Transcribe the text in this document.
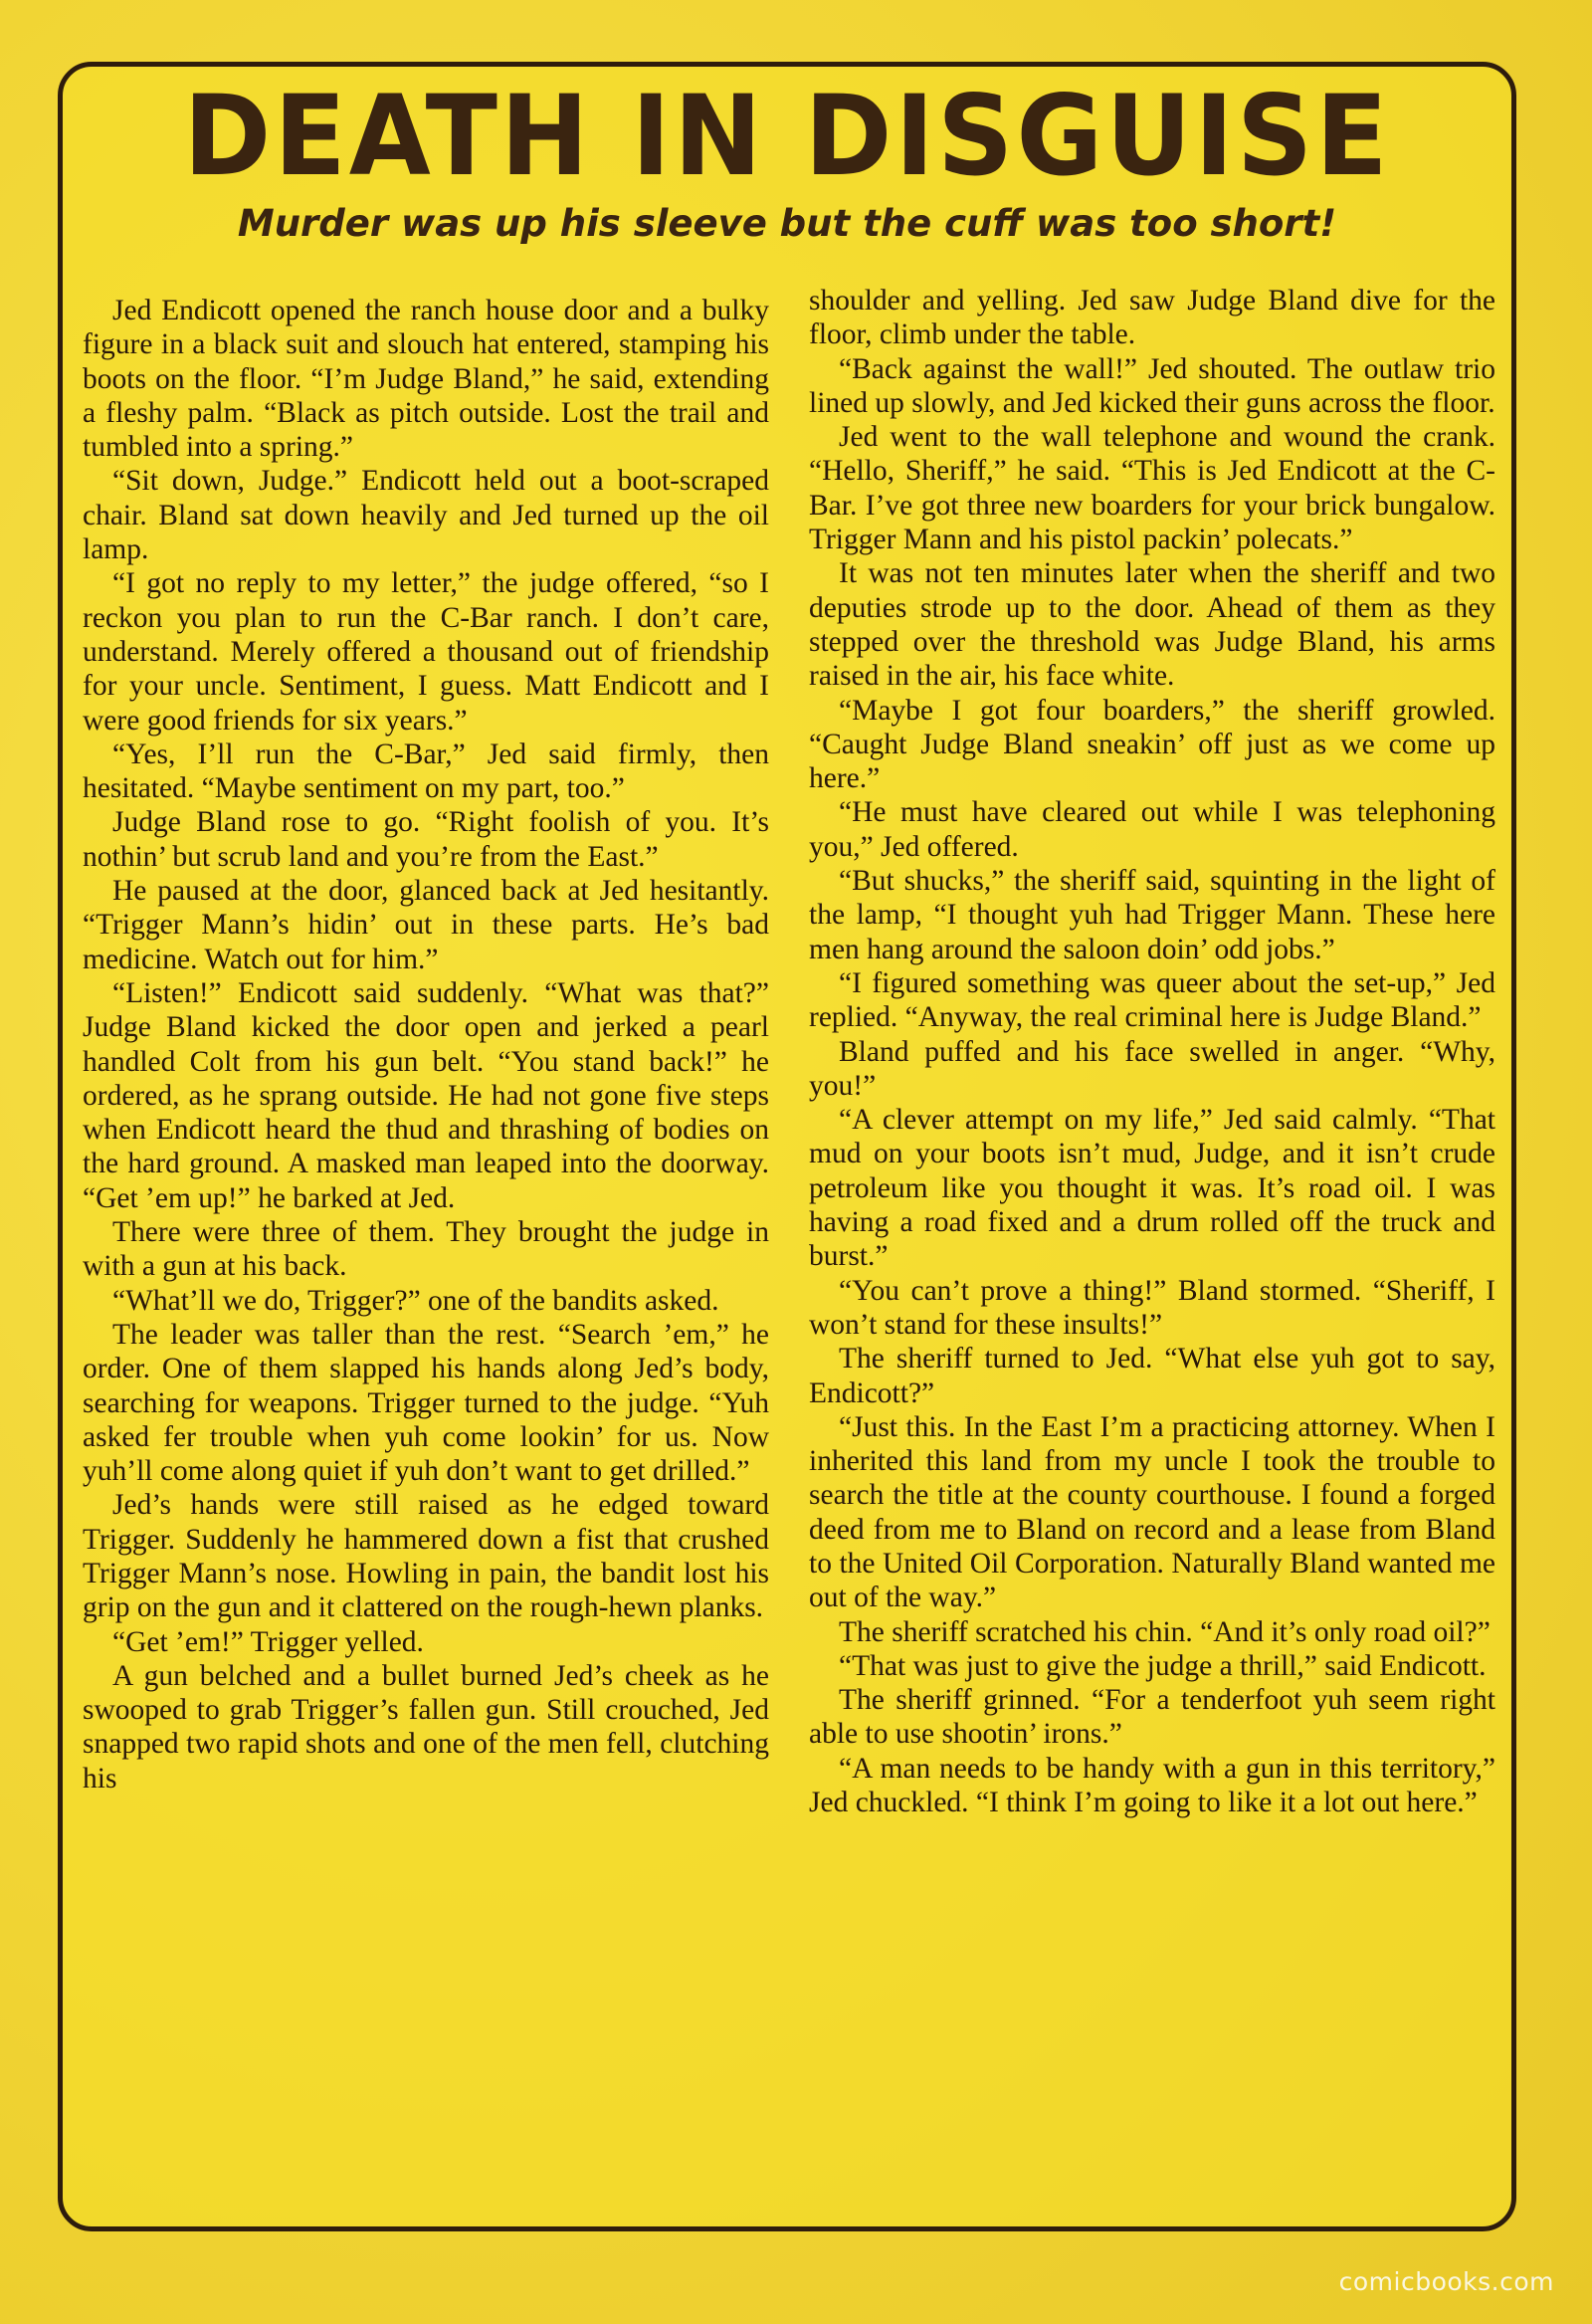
DEATH IN DISGUISE
Murder was up his sleeve but the cuff was too short!

Jed Endicott opened the ranch house door and a bulky figure in a black suit and slouch hat entered, stamping his boots on the floor. “I’m Judge Bland,” he said, extending a fleshy palm. “Black as pitch outside. Lost the trail and tumbled into a spring.”

“Sit down, Judge.” Endicott held out a boot-scraped chair. Bland sat down heavily and Jed turned up the oil lamp.

“I got no reply to my letter,” the judge offered, “so I reckon you plan to run the C-Bar ranch. I don’t care, understand. Merely offered a thousand out of friendship for your uncle. Sentiment, I guess. Matt Endicott and I were good friends for six years.”

“Yes, I’ll run the C-Bar,” Jed said firmly, then hesitated. “Maybe sentiment on my part, too.”

Judge Bland rose to go. “Right foolish of you. It’s nothin’ but scrub land and you’re from the East.”

He paused at the door, glanced back at Jed hesitantly. “Trigger Mann’s hidin’ out in these parts. He’s bad medicine. Watch out for him.”

“Listen!” Endicott said suddenly. “What was that?” Judge Bland kicked the door open and jerked a pearl handled Colt from his gun belt. “You stand back!” he ordered, as he sprang outside. He had not gone five steps when Endicott heard the thud and thrashing of bodies on the hard ground. A masked man leaped into the doorway. “Get ’em up!” he barked at Jed.

There were three of them. They brought the judge in with a gun at his back.

“What’ll we do, Trigger?” one of the bandits asked.

The leader was taller than the rest. “Search ’em,” he order. One of them slapped his hands along Jed’s body, searching for weapons. Trigger turned to the judge. “Yuh asked fer trouble when yuh come lookin’ for us. Now yuh’ll come along quiet if yuh don’t want to get drilled.”

Jed’s hands were still raised as he edged toward Trigger. Suddenly he hammered down a fist that crushed Trigger Mann’s nose. Howling in pain, the bandit lost his grip on the gun and it clattered on the rough-hewn planks.

“Get ’em!” Trigger yelled.

A gun belched and a bullet burned Jed’s cheek as he swooped to grab Trigger’s fallen gun. Still crouched, Jed snapped two rapid shots and one of the men fell, clutching his

shoulder and yelling. Jed saw Judge Bland dive for the floor, climb under the table.

“Back against the wall!” Jed shouted. The outlaw trio lined up slowly, and Jed kicked their guns across the floor.

Jed went to the wall telephone and wound the crank. “Hello, Sheriff,” he said. “This is Jed Endicott at the C-Bar. I’ve got three new boarders for your brick bungalow. Trigger Mann and his pistol packin’ polecats.”

It was not ten minutes later when the sheriff and two deputies strode up to the door. Ahead of them as they stepped over the threshold was Judge Bland, his arms raised in the air, his face white.

“Maybe I got four boarders,” the sheriff growled. “Caught Judge Bland sneakin’ off just as we come up here.”

“He must have cleared out while I was telephoning you,” Jed offered.

“But shucks,” the sheriff said, squinting in the light of the lamp, “I thought yuh had Trigger Mann. These here men hang around the saloon doin’ odd jobs.”

“I figured something was queer about the set-up,” Jed replied. “Anyway, the real criminal here is Judge Bland.”

Bland puffed and his face swelled in anger. “Why, you!”

“A clever attempt on my life,” Jed said calmly. “That mud on your boots isn’t mud, Judge, and it isn’t crude petroleum like you thought it was. It’s road oil. I was having a road fixed and a drum rolled off the truck and burst.”

“You can’t prove a thing!” Bland stormed. “Sheriff, I won’t stand for these insults!”

The sheriff turned to Jed. “What else yuh got to say, Endicott?”

“Just this. In the East I’m a practicing attorney. When I inherited this land from my uncle I took the trouble to search the title at the county courthouse. I found a forged deed from me to Bland on record and a lease from Bland to the United Oil Corporation. Naturally Bland wanted me out of the way.”

The sheriff scratched his chin. “And it’s only road oil?”

“That was just to give the judge a thrill,” said Endicott.

The sheriff grinned. “For a tenderfoot yuh seem right able to use shootin’ irons.”

“A man needs to be handy with a gun in this territory,” Jed chuckled. “I think I’m going to like it a lot out here.”

comicbooks.com
